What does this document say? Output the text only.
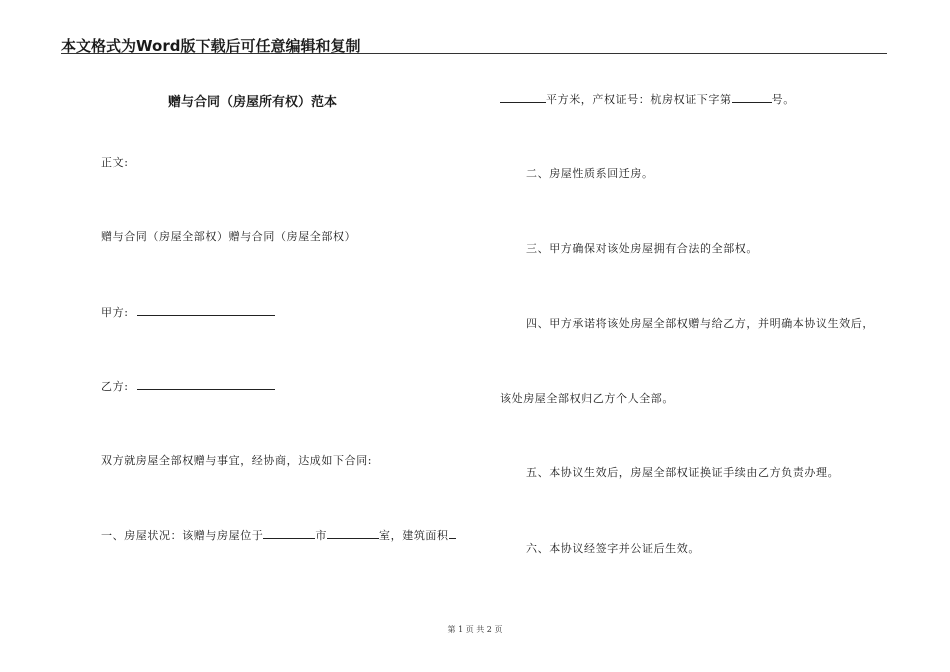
本文格式为Word版下载后可任意编辑和复制
赠与合同（房屋所有权）范本
正文:
赠与合同（房屋全部权）赠与合同（房屋全部权）
甲方:
乙方:
双方就房屋全部权赠与事宜，经协商，达成如下合同:
一、房屋状况：该赠与房屋位于	市	室，建筑面积
平方米，产权证号：杭房权证下字第	号。
二、房屋性质系回迁房。
三、甲方确保对该处房屋拥有合法的全部权。
四、甲方承诺将该处房屋全部权赠与给乙方，并明确本协议生效后，
该处房屋全部权归乙方个人全部。
五、本协议生效后，房屋全部权证换证手续由乙方负责办理。
六、本协议经签字并公证后生效。
第 1 页 共 2 页
